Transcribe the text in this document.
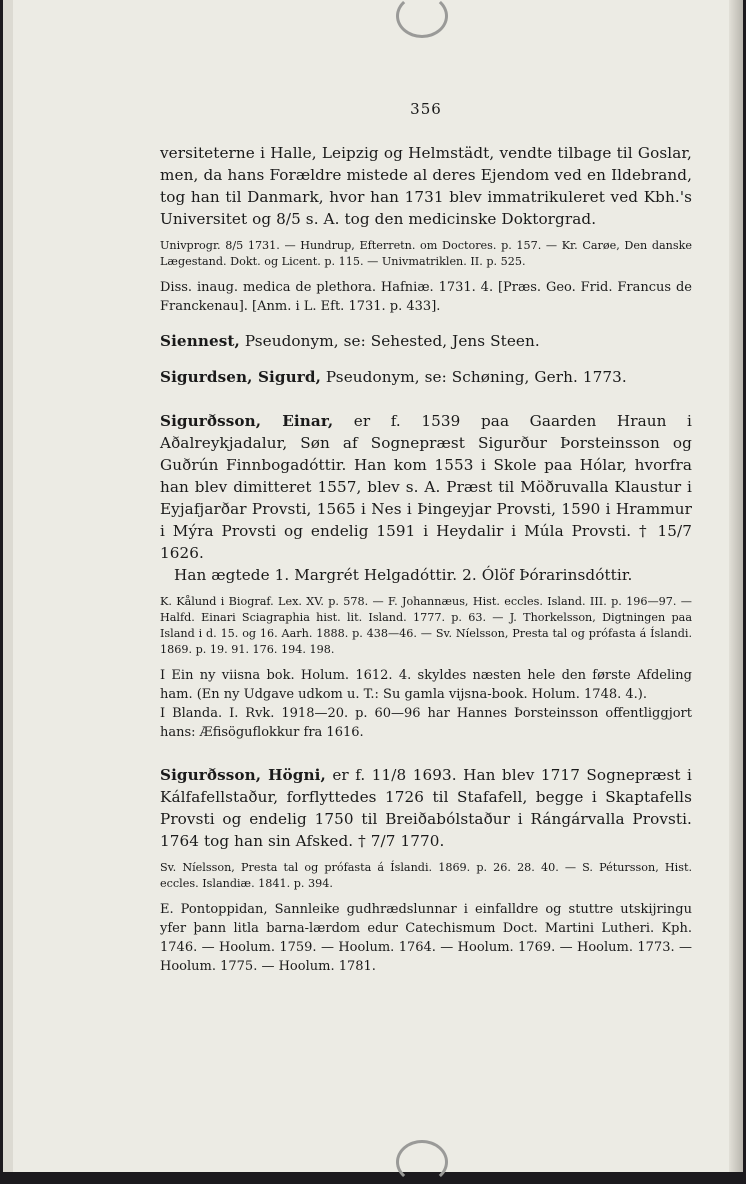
356

versiteterne i Halle, Leipzig og Helmstädt, vendte tilbage til Goslar, men, da hans Forældre mistede al deres Ejendom ved en Ildebrand, tog han til Danmark, hvor han 1731 blev immatrikuleret ved Kbh.'s Universitet og 8/5 s. A. tog den medicinske Doktorgrad.

Univprogr. 8/5 1731. — Hundrup, Efterretn. om Doctores. p. 157. — Kr. Carøe, Den danske Lægestand. Dokt. og Licent. p. 115. — Univmatriklen. II. p. 525.

Diss. inaug. medica de plethora. Hafniæ. 1731. 4. [Præs. Geo. Frid. Francus de Franckenau]. [Anm. i L. Eft. 1731. p. 433].

Siennest, Pseudonym, se: Sehested, Jens Steen.

Sigurdsen, Sigurd, Pseudonym, se: Schøning, Gerh. 1773.

Sigurðsson, Einar, er f. 1539 paa Gaarden Hraun i Aðalreykjadalur, Søn af Sognepræst Sigurður Þorsteinsson og Guðrún Finnbogadóttir. Han kom 1553 i Skole paa Hólar, hvorfra han blev dimitteret 1557, blev s. A. Præst til Möðruvalla Klaustur i Eyjafjarðar Provsti, 1565 i Nes i Þingeyjar Provsti, 1590 i Hrammur i Mýra Provsti og endelig 1591 i Heydalir i Múla Provsti. † 15/7 1626.

Han ægtede 1. Margrét Helgadóttir. 2. Ólöf Þórarinsdóttir.

K. Kålund i Biograf. Lex. XV. p. 578. — F. Johannæus, Hist. eccles. Island. III. p. 196—97. — Halfd. Einari Sciagraphia hist. lit. Island. 1777. p. 63. — J. Thorkelsson, Digtningen paa Island i d. 15. og 16. Aarh. 1888. p. 438—46. — Sv. Níelsson, Presta tal og prófasta á Íslandi. 1869. p. 19. 91. 176. 194. 198.

I Ein ny viisna bok. Holum. 1612. 4. skyldes næsten hele den første Afdeling ham. (En ny Udgave udkom u. T.: Su gamla vijsna-book. Holum. 1748. 4.).

I Blanda. I. Rvk. 1918—20. p. 60—96 har Hannes Þorsteinsson offentliggjort hans: Æfisöguflokkur fra 1616.

Sigurðsson, Högni, er f. 11/8 1693. Han blev 1717 Sognepræst i Kálfafellstaður, forflyttedes 1726 til Stafafell, begge i Skaptafells Provsti og endelig 1750 til Breiðabólstaður i Rángárvalla Provsti. 1764 tog han sin Afsked. † 7/7 1770.

Sv. Níelsson, Presta tal og prófasta á Íslandi. 1869. p. 26. 28. 40. — S. Pétursson, Hist. eccles. Islandiæ. 1841. p. 394.

E. Pontoppidan, Sannleike gudhrædslunnar i einfalldre og stuttre utskijringu yfer þann litla barna-lærdom edur Catechismum Doct. Martini Lutheri. Kph. 1746. — Hoolum. 1759. — Hoolum. 1764. — Hoolum. 1769. — Hoolum. 1773. — Hoolum. 1775. — Hoolum. 1781.
